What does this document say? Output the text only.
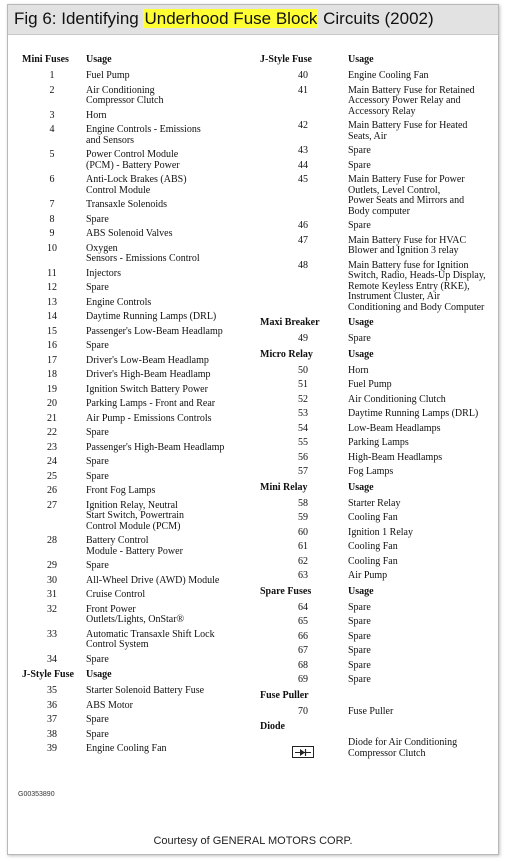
Fig 6: Identifying Underhood Fuse Block Circuits (2002)
Mini Fuses	Usage
1	Fuel Pump
2	Air Conditioning
Compressor Clutch
3	Horn
4	Engine Controls - Emissions
and Sensors
5	Power Control Module
(PCM) - Battery Power
6	Anti-Lock Brakes (ABS)
Control Module
7	Transaxle Solenoids
8	Spare
9	ABS Solenoid Valves
10	Oxygen
Sensors - Emissions Control
11	Injectors
12	Spare
13	Engine Controls
14	Daytime Running Lamps (DRL)
15	Passenger's Low-Beam Headlamp
16	Spare
17	Driver's Low-Beam Headlamp
18	Driver's High-Beam Headlamp
19	Ignition Switch Battery Power
20	Parking Lamps - Front and Rear
21	Air Pump - Emissions Controls
22	Spare
23	Passenger's High-Beam Headlamp
24	Spare
25	Spare
26	Front Fog Lamps
27	Ignition Relay, Neutral
Start Switch, Powertrain
Control Module (PCM)
28	Battery Control
Module - Battery Power
29	Spare
30	All-Wheel Drive (AWD) Module
31	Cruise Control
32	Front Power
Outlets/Lights, OnStar®
33	Automatic Transaxle Shift Lock
Control System
34	Spare
J-Style Fuse	Usage
35	Starter Solenoid Battery Fuse
36	ABS Motor
37	Spare
38	Spare
39	Engine Cooling Fan
J-Style Fuse	Usage
40	Engine Cooling Fan
41	Main Battery Fuse for Retained
Accessory Power Relay and
Accessory Relay
42	Main Battery Fuse for Heated
Seats, Air
43	Spare
44	Spare
45	Main Battery Fuse for Power
Outlets, Level Control,
Power Seats and Mirrors and
Body computer
46	Spare
47	Main Battery Fuse for HVAC
Blower and Ignition 3 relay
48	Main Battery fuse for Ignition
Switch, Radio, Heads-Up Display,
Remote Keyless Entry (RKE),
Instrument Cluster, Air
Conditioning and Body Computer
Maxi Breaker	Usage
49	Spare
Micro Relay	Usage
50	Horn
51	Fuel Pump
52	Air Conditioning Clutch
53	Daytime Running Lamps (DRL)
54	Low-Beam Headlamps
55	Parking Lamps
56	High-Beam Headlamps
57	Fog Lamps
Mini Relay	Usage
58	Starter Relay
59	Cooling Fan
60	Ignition 1 Relay
61	Cooling Fan
62	Cooling Fan
63	Air Pump
Spare Fuses	Usage
64	Spare
65	Spare
66	Spare
67	Spare
68	Spare
69	Spare
Fuse Puller
70	Fuse Puller
Diode
Diode for Air Conditioning
Compressor Clutch
G00353890
Courtesy of GENERAL MOTORS CORP.
